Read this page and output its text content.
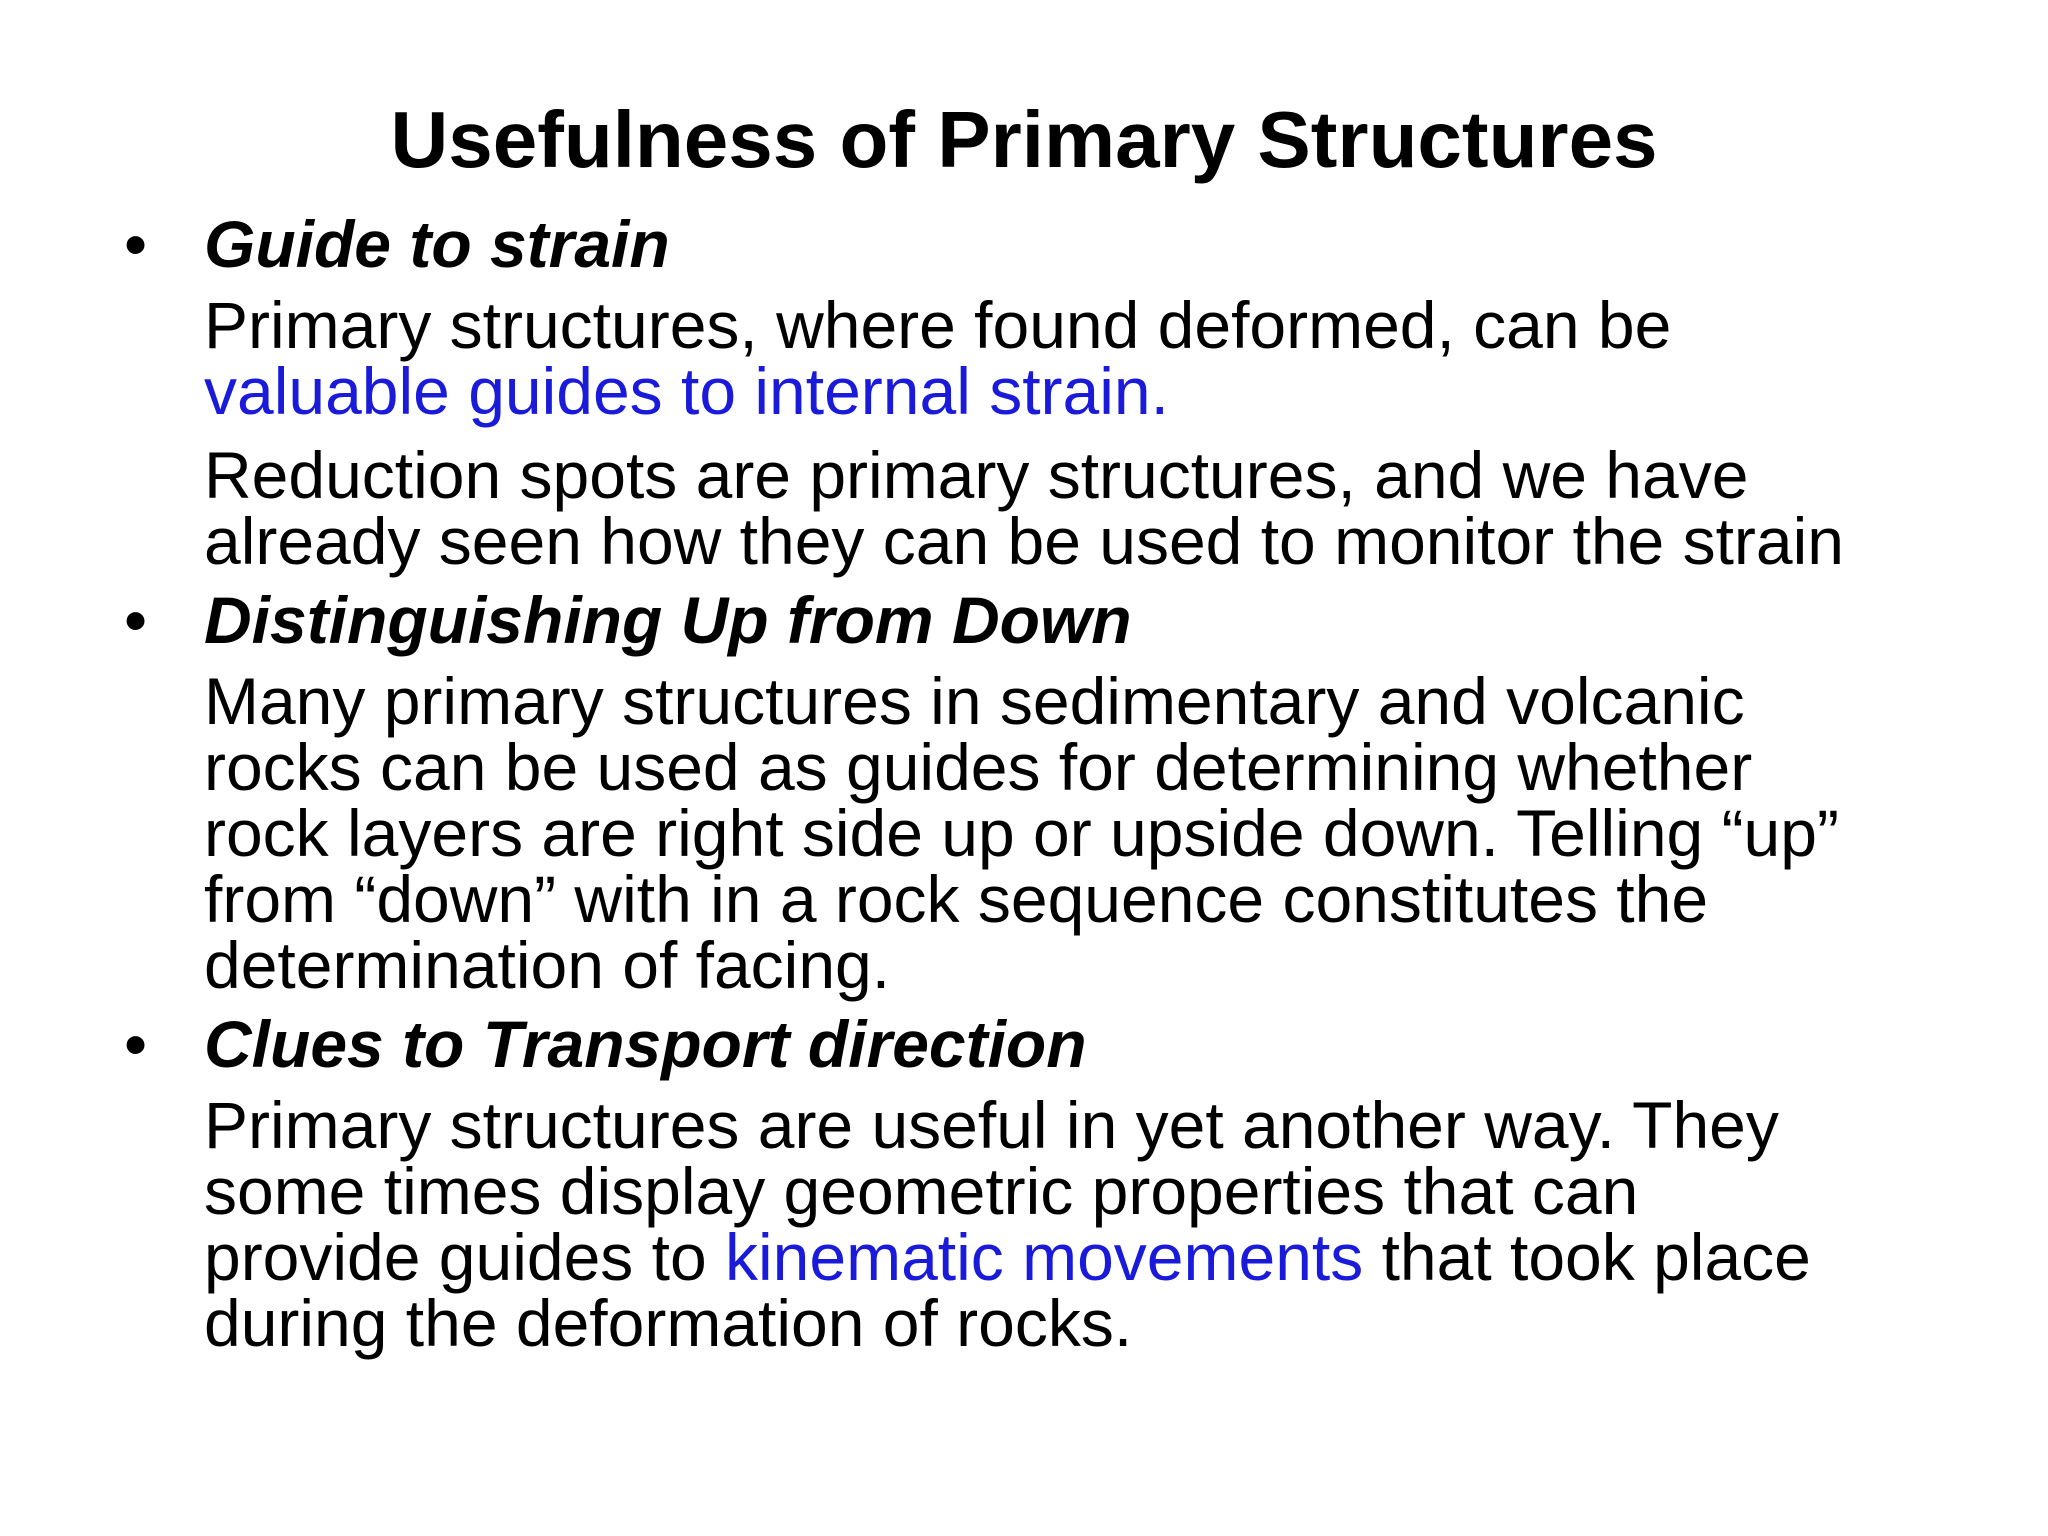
Usefulness of Primary Structures
• Guide to strain

Primary structures, where found deformed, can be
valuable guides to internal strain.

Reduction spots are primary structures, and we have
already seen how they can be used to monitor the strain

• Distinguishing Up from Down

Many primary structures in sedimentary and volcanic
rocks can be used as guides for determining whether
rock layers are right side up or upside down. Telling “up”
from “down” with in a rock sequence constitutes the
determination of facing.

• Clues to Transport direction

Primary structures are useful in yet another way. They
some times display geometric properties that can
provide guides to kinematic movements that took place
during the deformation of rocks.
